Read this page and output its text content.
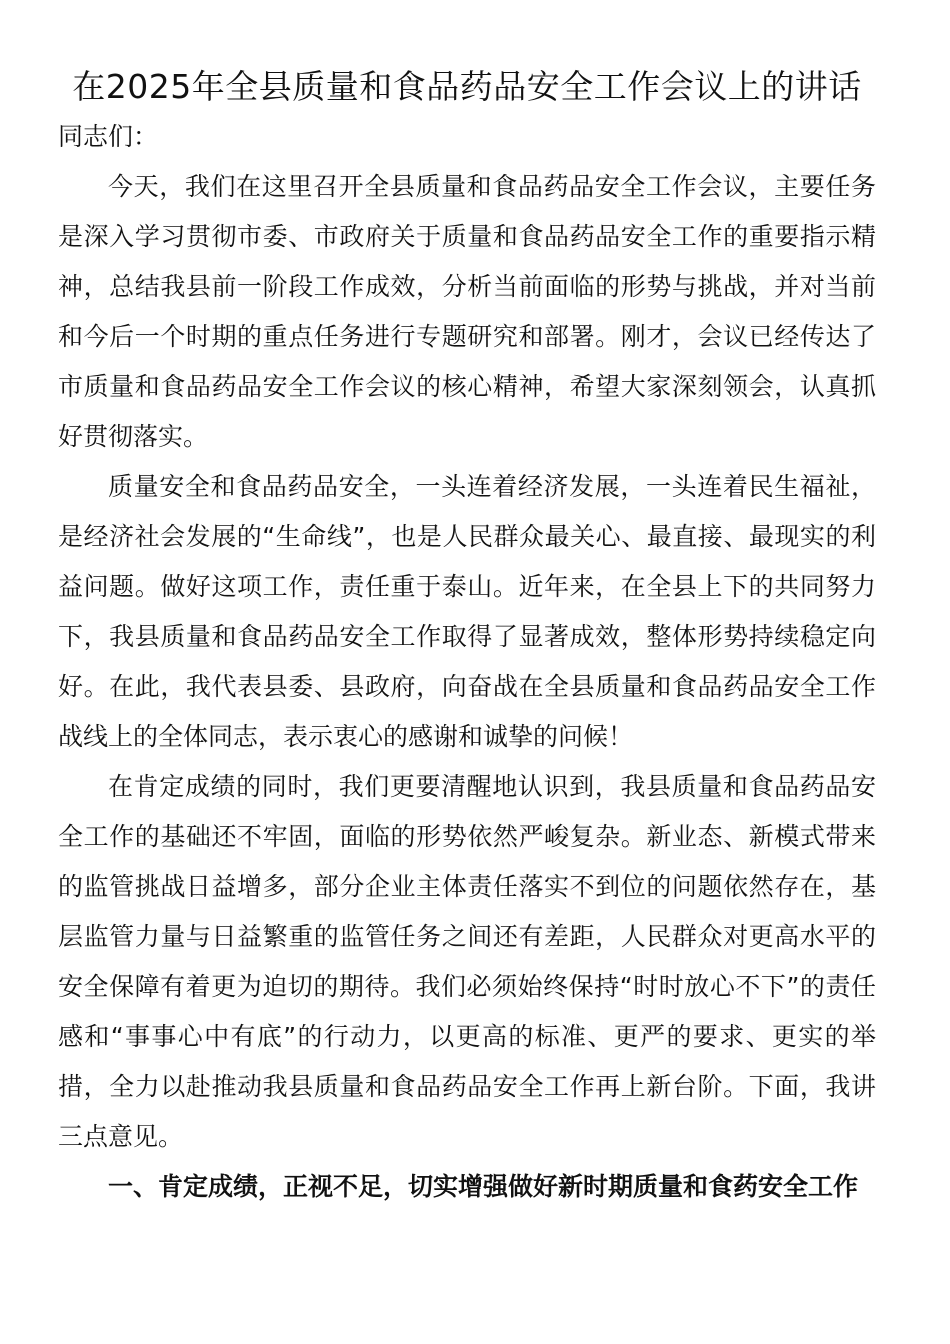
在2025年全县质量和食品药品安全工作会议上的讲话

同志们：

今天，我们在这里召开全县质量和食品药品安全工作会议，主要任务是深入学习贯彻市委、市政府关于质量和食品药品安全工作的重要指示精神，总结我县前一阶段工作成效，分析当前面临的形势与挑战，并对当前和今后一个时期的重点任务进行专题研究和部署。刚才，会议已经传达了市质量和食品药品安全工作会议的核心精神，希望大家深刻领会，认真抓好贯彻落实。

质量安全和食品药品安全，一头连着经济发展，一头连着民生福祉，是经济社会发展的“生命线”，也是人民群众最关心、最直接、最现实的利益问题。做好这项工作，责任重于泰山。近年来，在全县上下的共同努力下，我县质量和食品药品安全工作取得了显著成效，整体形势持续稳定向好。在此，我代表县委、县政府，向奋战在全县质量和食品药品安全工作战线上的全体同志，表示衷心的感谢和诚挚的问候！

在肯定成绩的同时，我们更要清醒地认识到，我县质量和食品药品安全工作的基础还不牢固，面临的形势依然严峻复杂。新业态、新模式带来的监管挑战日益增多，部分企业主体责任落实不到位的问题依然存在，基层监管力量与日益繁重的监管任务之间还有差距，人民群众对更高水平的安全保障有着更为迫切的期待。我们必须始终保持“时时放心不下”的责任感和“事事心中有底”的行动力，以更高的标准、更严的要求、更实的举措，全力以赴推动我县质量和食品药品安全工作再上新台阶。下面，我讲三点意见。

一、肯定成绩，正视不足，切实增强做好新时期质量和食药安全工作
